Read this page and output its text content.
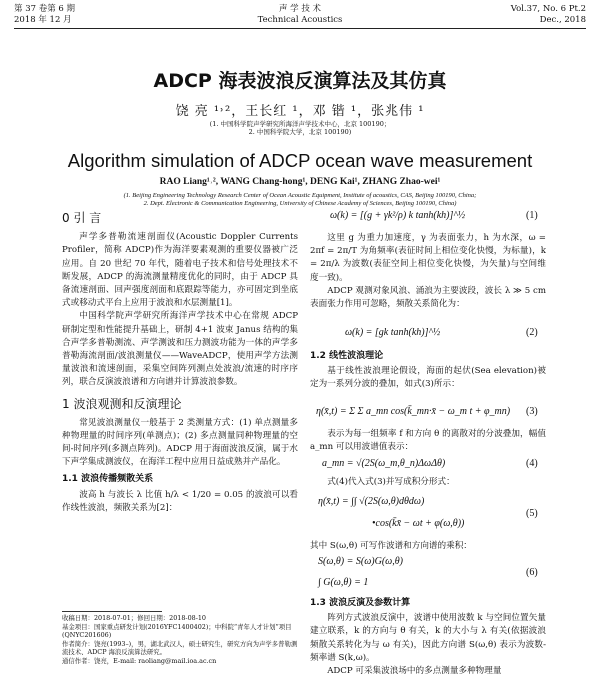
第 37 卷第 6 期
2018 年 12 月
声 学 技 术
Technical Acoustics
Vol.37, No. 6 Pt.2
Dec., 2018
ADCP 海表波浪反演算法及其仿真
饶 亮 ¹˒²，王长红 ¹，邓 锴 ¹，张兆伟 ¹
(1. 中国科学院声学研究所海洋声学技术中心，北京 100190；
2. 中国科学院大学，北京 100190)
Algorithm simulation of ADCP ocean wave measurement
RAO Liang¹˒², WANG Chang-hong¹, DENG Kai¹, ZHANG Zhao-wei¹
(1. Beijing Engineering Technology Research Center of Ocean Acoustic Equipment, Institute of acoustics, CAS, Beijing 100190, China;
2. Dept. Electronic & Communication Engineering, University of Chinese Academy of Sciences, Beijing 100190, China)

0 引 言

声学多普勒流速剖面仪(Acoustic Doppler Currents Profiler，简称 ADCP)作为海洋要素观测的重要仪器被广泛应用。自 20 世纪 70 年代，随着电子技术和信号处理技术不断发展，ADCP 的海流测量精度优化的同时，由于 ADCP 具备流速剖面、回声强度剖面和底跟踪等能力，亦可固定到坐底式或移动式平台上应用于波浪和水层测量[1]。

中国科学院声学研究所海洋声学技术中心在常规 ADCP 研制定型和性能提升基础上，研制 4+1 波束 Janus 结构的集合声学多普勒测流、声学测波和压力测波功能为一体的声学多普勒海流剖面/波浪测量仪——WaveADCP，使用声学方法测量波浪和流速剖面，采集空间阵列测点处波浪/流速的时序序列，联合反演波浪谱和方向谱并计算波浪参数。

1 波浪观测和反演理论

常见波浪测量仪一般基于 2 类测量方式：(1) 单点测量多种物理量的时间序列(单测点)；(2) 多点测量同种物理量的空间-时间序列(多测点阵列)。ADCP 用于海面波浪反演，属于水下声学集成测波仪，在海洋工程中应用日益成熟并产品化。

1.1 波浪传播频散关系

波高 h 与波长 λ 比值 h/λ < 1/20 = 0.05 的波浪可以看作线性波浪，频散关系为[2]：

收稿日期：2018-07-01；修回日期：2018-08-10
基金项目：国家重点研发计划(2016YFC1400402)；中科院“青年人才计划”项目(QNYC201606)
作者简介：饶亮(1993–)，男，湖北武汉人，硕士研究生，研究方向为声学多普勒测流技术、ADCP 海浪反演算法研究。
通信作者：饶亮，E-mail: raoliang@mail.ioa.ac.cn
ω(k) = [(g + γk²/ρ) k tanh(kh)]^½	(1)

这里 g 为重力加速度，γ 为表面张力，h 为水深，ω = 2πf = 2π/T 为角频率(表征时间上相位变化快慢，为标量)，k = 2π/λ 为波数(表征空间上相位变化快慢，为矢量)与空间维度一致)。

ADCP 观测对象风浪、涌浪为主要波段，波长 λ ≫ 5 cm 表面张力作用可忽略，频散关系简化为：

ω(k) = [gk tanh(kh)]^½	(2)

1.2 线性波浪理论

基于线性波浪理论假设，海面的起伏(Sea elevation)被定为一系列分波的叠加，如式(3)所示：

η(x̄,t) = Σ Σ a_mn cos(k̄_mn·x̄ − ω_m t + φ_mn) (3)

表示为每一组频率 f 和方向 θ 的离散对的分波叠加，幅值 a_mn 可以用波谱值表示：

a_mn = √(2S(ω_m,θ_n)ΔωΔθ)	(4)

式(4)代入式(3)并写成积分形式：

η(x̄,t) = ∫∫ √(2S(ω,θ)dθdω)
•cos(k̄x̄ − ωt + φ(ω,θ))
(5)

其中 S(ω,θ) 可写作波谱和方向谱的乘积：

S(ω,θ) = S(ω)G(ω,θ)
∫ G(ω,θ) = 1
(6)

1.3 波浪反演及参数计算

阵列方式波浪反演中，波谱中使用波数 k 与空间位置矢量建立联系，k 的方向与 θ 有关，k 的大小与 λ 有关(依据波浪频散关系转化为与 ω 有关)，因此方向谱 S(ω,θ) 表示为波数-频率谱 S(k,ω)。

ADCP 可采集波浪场中的多点测量多种物理量
